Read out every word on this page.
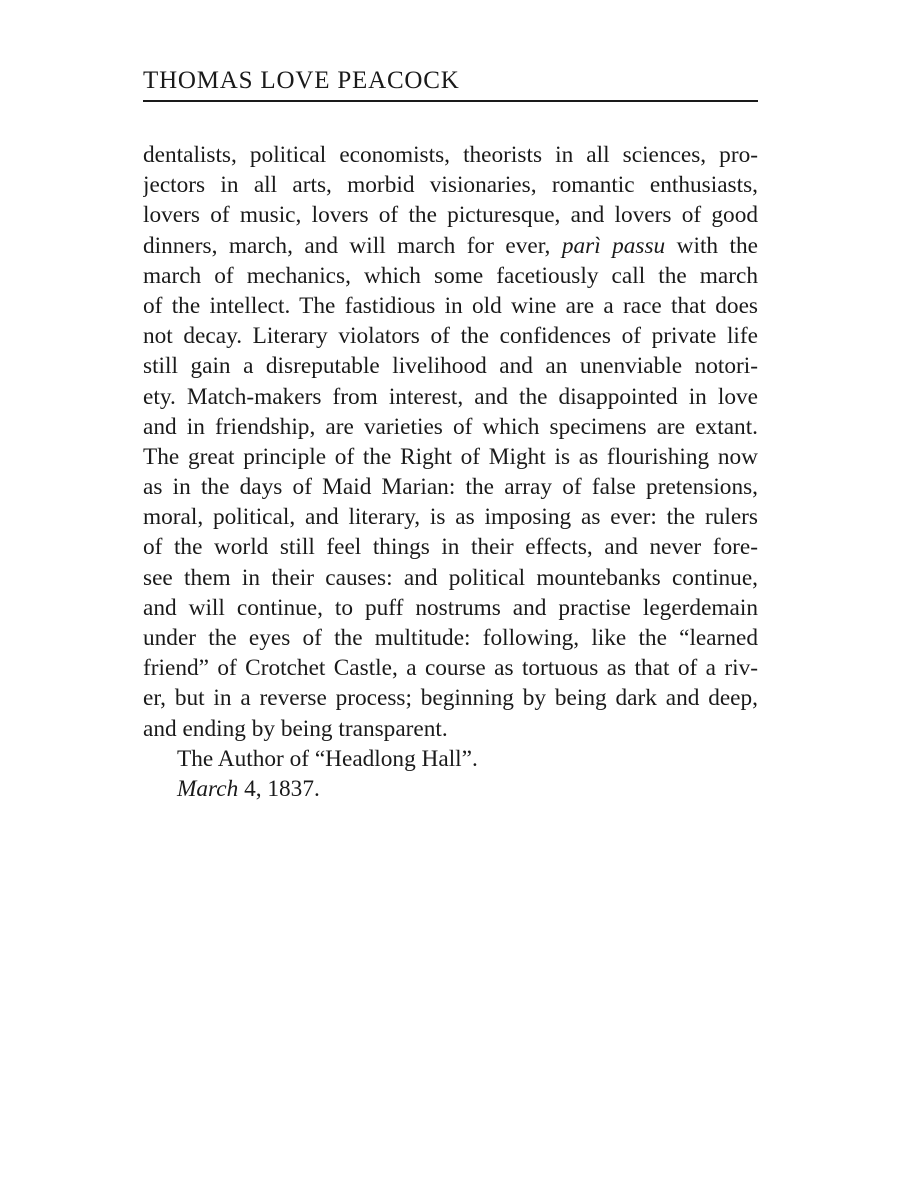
THOMAS LOVE PEACOCK
dentalists, political economists, theorists in all sciences, pro-
jectors in all arts, morbid visionaries, romantic enthusiasts,
lovers of music, lovers of the picturesque, and lovers of good
dinners, march, and will march for ever, parì passu with the
march of mechanics, which some facetiously call the march
of the intellect. The fastidious in old wine are a race that does
not decay. Literary violators of the confidences of private life
still gain a disreputable livelihood and an unenviable notori-
ety. Match-makers from interest, and the disappointed in love
and in friendship, are varieties of which specimens are extant.
The great principle of the Right of Might is as flourishing now
as in the days of Maid Marian: the array of false pretensions,
moral, political, and literary, is as imposing as ever: the rulers
of the world still feel things in their effects, and never fore-
see them in their causes: and political mountebanks continue,
and will continue, to puff nostrums and practise legerdemain
under the eyes of the multitude: following, like the “learned
friend” of Crotchet Castle, a course as tortuous as that of a riv-
er, but in a reverse process; beginning by being dark and deep,
and ending by being transparent.
The Author of “Headlong Hall”.
March 4, 1837.
